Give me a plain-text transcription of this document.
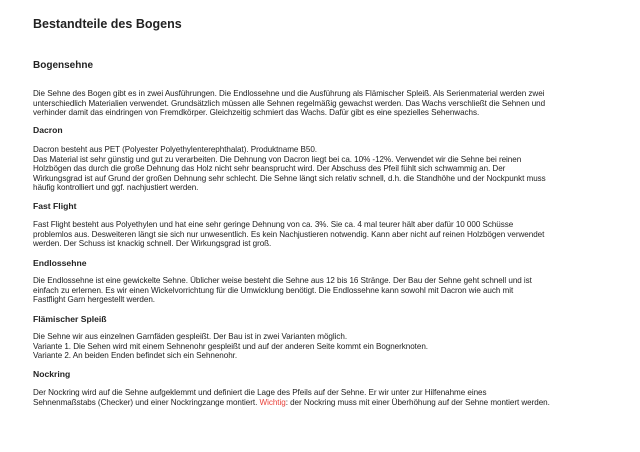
Bestandteile des Bogens
Bogensehne

Die Sehne des Bogen gibt es in zwei Ausführungen. Die Endlossehne und die Ausführung als Flämischer Spleiß. Als Serienmaterial werden zwei
unterschiedlich Materialien verwendet. Grundsätzlich müssen alle Sehnen regelmäßig gewachst werden. Das Wachs verschließt die Sehnen und
verhinder damit das eindringen von Fremdkörper. Gleichzeitig schmiert das Wachs. Dafür gibt es eine spezielles Sehenwachs.

Dacron

Dacron besteht aus PET (Polyester Polyethylenterephthalat). Produktname B50.
Das Material ist sehr günstig und gut zu verarbeiten. Die Dehnung von Dacron liegt bei ca. 10% -12%. Verwendet wir die Sehne bei reinen
Holzbögen das durch die große Dehnung das Holz nicht sehr beansprucht wird. Der Abschuss des Pfeil fühlt sich schwammig an. Der
Wirkungsgrad ist auf Grund der großen Dehnung sehr schlecht. Die Sehne längt sich relativ schnell, d.h. die Standhöhe und der Nockpunkt muss
häufig kontrolliert und ggf. nachjustiert werden.

Fast Flight

Fast Flight besteht aus Polyethylen und hat eine sehr geringe Dehnung von ca. 3%. Sie ca. 4 mal teurer hält aber dafür 10 000 Schüsse
problemlos aus. Desweiteren längt sie sich nur unwesentlich. Es kein Nachjustieren notwendig. Kann aber nicht auf reinen Holzbögen verwendet
werden. Der Schuss ist knackig schnell. Der Wirkungsgrad ist groß.

Endlossehne

Die Endlossehne ist eine gewickelte Sehne. Üblicher weise besteht die Sehne aus 12 bis 16 Stränge. Der Bau der Sehne geht schnell und ist
einfach zu erlernen. Es wir einen Wickelvorrichtung für die Umwicklung benötigt. Die Endlossehne kann sowohl mit Dacron wie auch mit
Fastflight Garn hergestellt werden.

Flämischer Spleiß

Die Sehne wir aus einzelnen Garnfäden gespleißt. Der Bau ist in zwei Varianten möglich.
Variante 1. Die Sehen wird mit einem Sehnenohr gespleißt und auf der anderen Seite kommt ein Bognerknoten.
Variante 2. An beiden Enden befindet sich ein Sehnenohr.

Nockring

Der Nockring wird auf die Sehne aufgeklemmt und definiert die Lage des Pfeils auf der Sehne. Er wir unter zur Hilfenahme eines
Sehnenmaßstabs (Checker) und einer Nockringzange montiert. Wichtig: der Nockring muss mit einer Überhöhung auf der Sehne montiert werden.
